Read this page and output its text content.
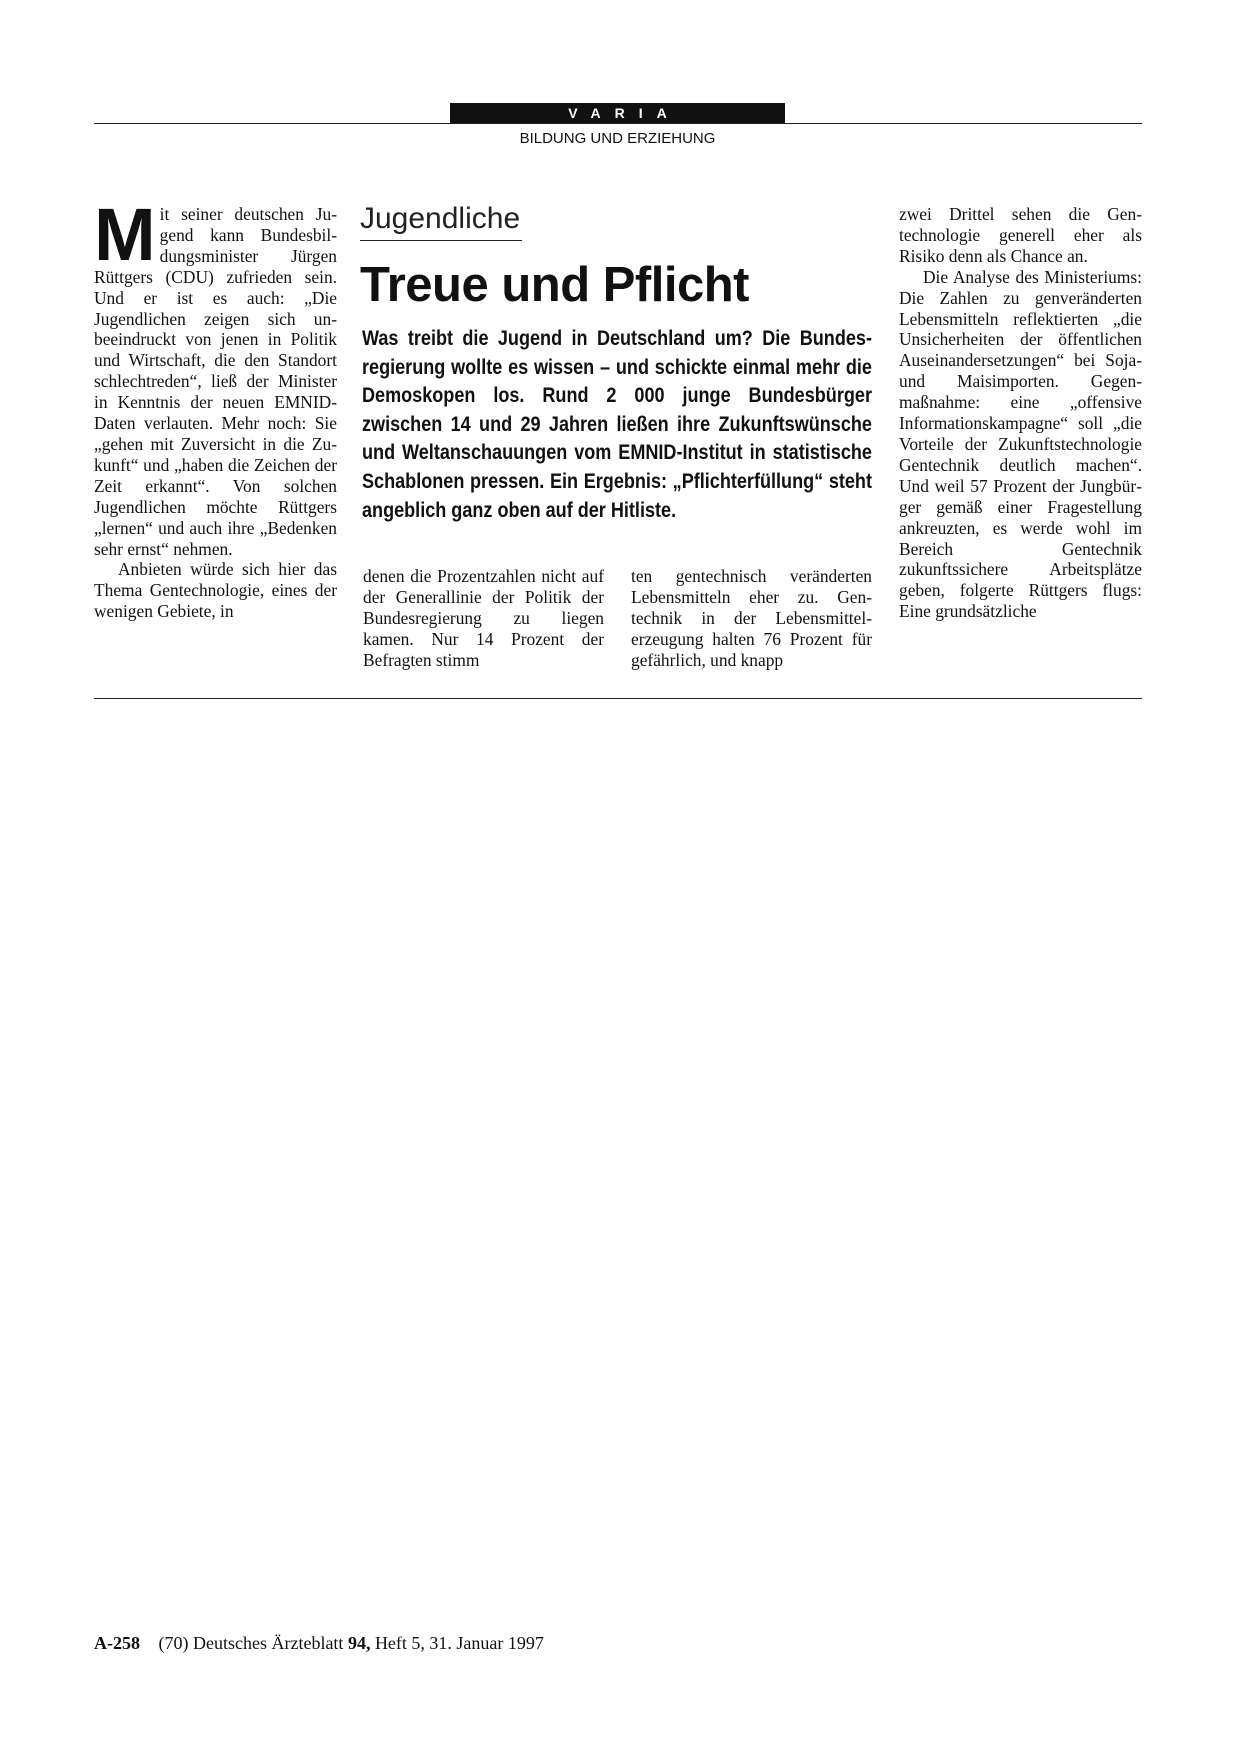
VARIA
BILDUNG UND ERZIEHUNG
Jugendliche
Treue und Pflicht
Was treibt die Jugend in Deutschland um? Die Bundesregierung wollte es wissen – und schickte einmal mehr die Demoskopen los. Rund 2 000 junge Bundesbürger zwischen 14 und 29 Jahren ließen ihre Zukunftswünsche und Weltanschauungen vom EMNID-Institut in statistische Schablonen pressen. Ein Ergebnis: „Pflichterfüllung“ steht angeblich ganz oben auf der Hitliste.

Mit seiner deutschen Jugend kann Bundesbildungsminister Jürgen Rüttgers (CDU) zufrieden sein. Und er ist es auch: „Die Jugendlichen zeigen sich unbeeindruckt von jenen in Politik und Wirtschaft, die den Standort schlechtreden“, ließ der Minister in Kenntnis der neuen EMNID-Daten verlauten. Mehr noch: Sie „gehen mit Zuversicht in die Zukunft“ und „haben die Zeichen der Zeit erkannt“. Von solchen Jugendlichen möchte Rüttgers „lernen“ und auch ihre „Bedenken sehr ernst“ nehmen.

Anbieten würde sich hier das Thema Gentechnologie, eines der wenigen Gebiete, in

denen die Prozentzahlen nicht auf der Generallinie der Politik der Bundesregierung zu liegen kamen. Nur 14 Prozent der Befragten stimm

ten gentechnisch veränderten Lebensmitteln eher zu. Gentechnik in der Lebensmittelerzeugung halten 76 Prozent für gefährlich, und knapp

zwei Drittel sehen die Gentechnologie generell eher als Risiko denn als Chance an.

Die Analyse des Ministeriums: Die Zahlen zu genveränderten Lebensmitteln reflektierten „die Unsicherheiten der öffentlichen Auseinandersetzungen“ bei Soja- und Maisimporten. Gegenmaßnahme: eine „offensive Informationskampagne“ soll „die Vorteile der Zukunftstechnologie Gentechnik deutlich machen“. Und weil 57 Prozent der Jungbürger gemäß einer Fragestellung ankreuzten, es werde wohl im Bereich Gentechnik zukunftssichere Arbeitsplätze geben, folgerte Rüttgers flugs: Eine grundsätzliche

A-258 (70) Deutsches Ärzteblatt 94, Heft 5, 31. Januar 1997
